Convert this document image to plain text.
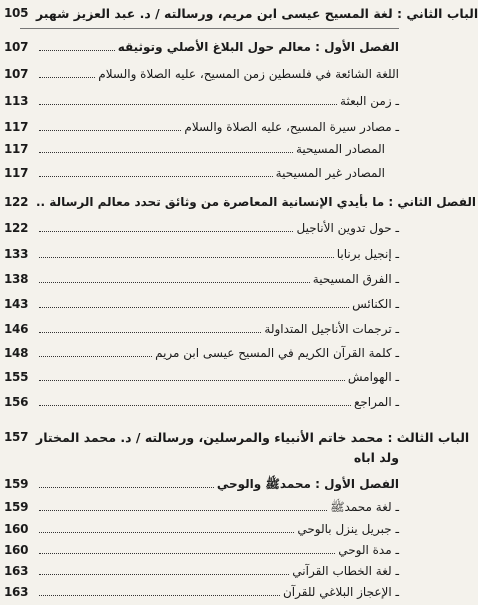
105 الباب الثاني : لغة المسيح عيسى ابن مريم، ورسالته / د. عبد العزيز شهبر
107	الفصل الأول : معالم حول البلاغ الأصلي وتوثيقه
107	اللغة الشائعة في فلسطين زمن المسيح، عليه الصلاة والسلام
113	ـ زمن البعثة
117	ـ مصادر سيرة المسيح، عليه الصلاة والسلام
117	المصادر المسيحية
117	المصادر غير المسيحية
122 الفصل الثاني : ما بأيدي الإنسانية المعاصرة من وثائق تحدد معالم الرسالة ..
122	ـ حول تدوين الأناجيل
133	ـ إنجيل برنابا
138	ـ الفرق المسيحية
143	ـ الكنائس
146	ـ ترجمات الأناجيل المتداولة
148	ـ كلمة القرآن الكريم في المسيح عيسى ابن مريم
155	ـ الهوامش
156	ـ المراجع
157 الباب الثالث : محمد خاتم الأنبياء والمرسلين، ورسالته / د. محمد المختار
ولد اباه
159	الفصل الأول : محمدﷺ والوحي
159	ـ لغة محمدﷺ
160	ـ جبريل ينزل بالوحي
160	ـ مدة الوحي
163	ـ لغة الخطاب القرآني
163	ـ الإعجاز البلاغي للقرآن
